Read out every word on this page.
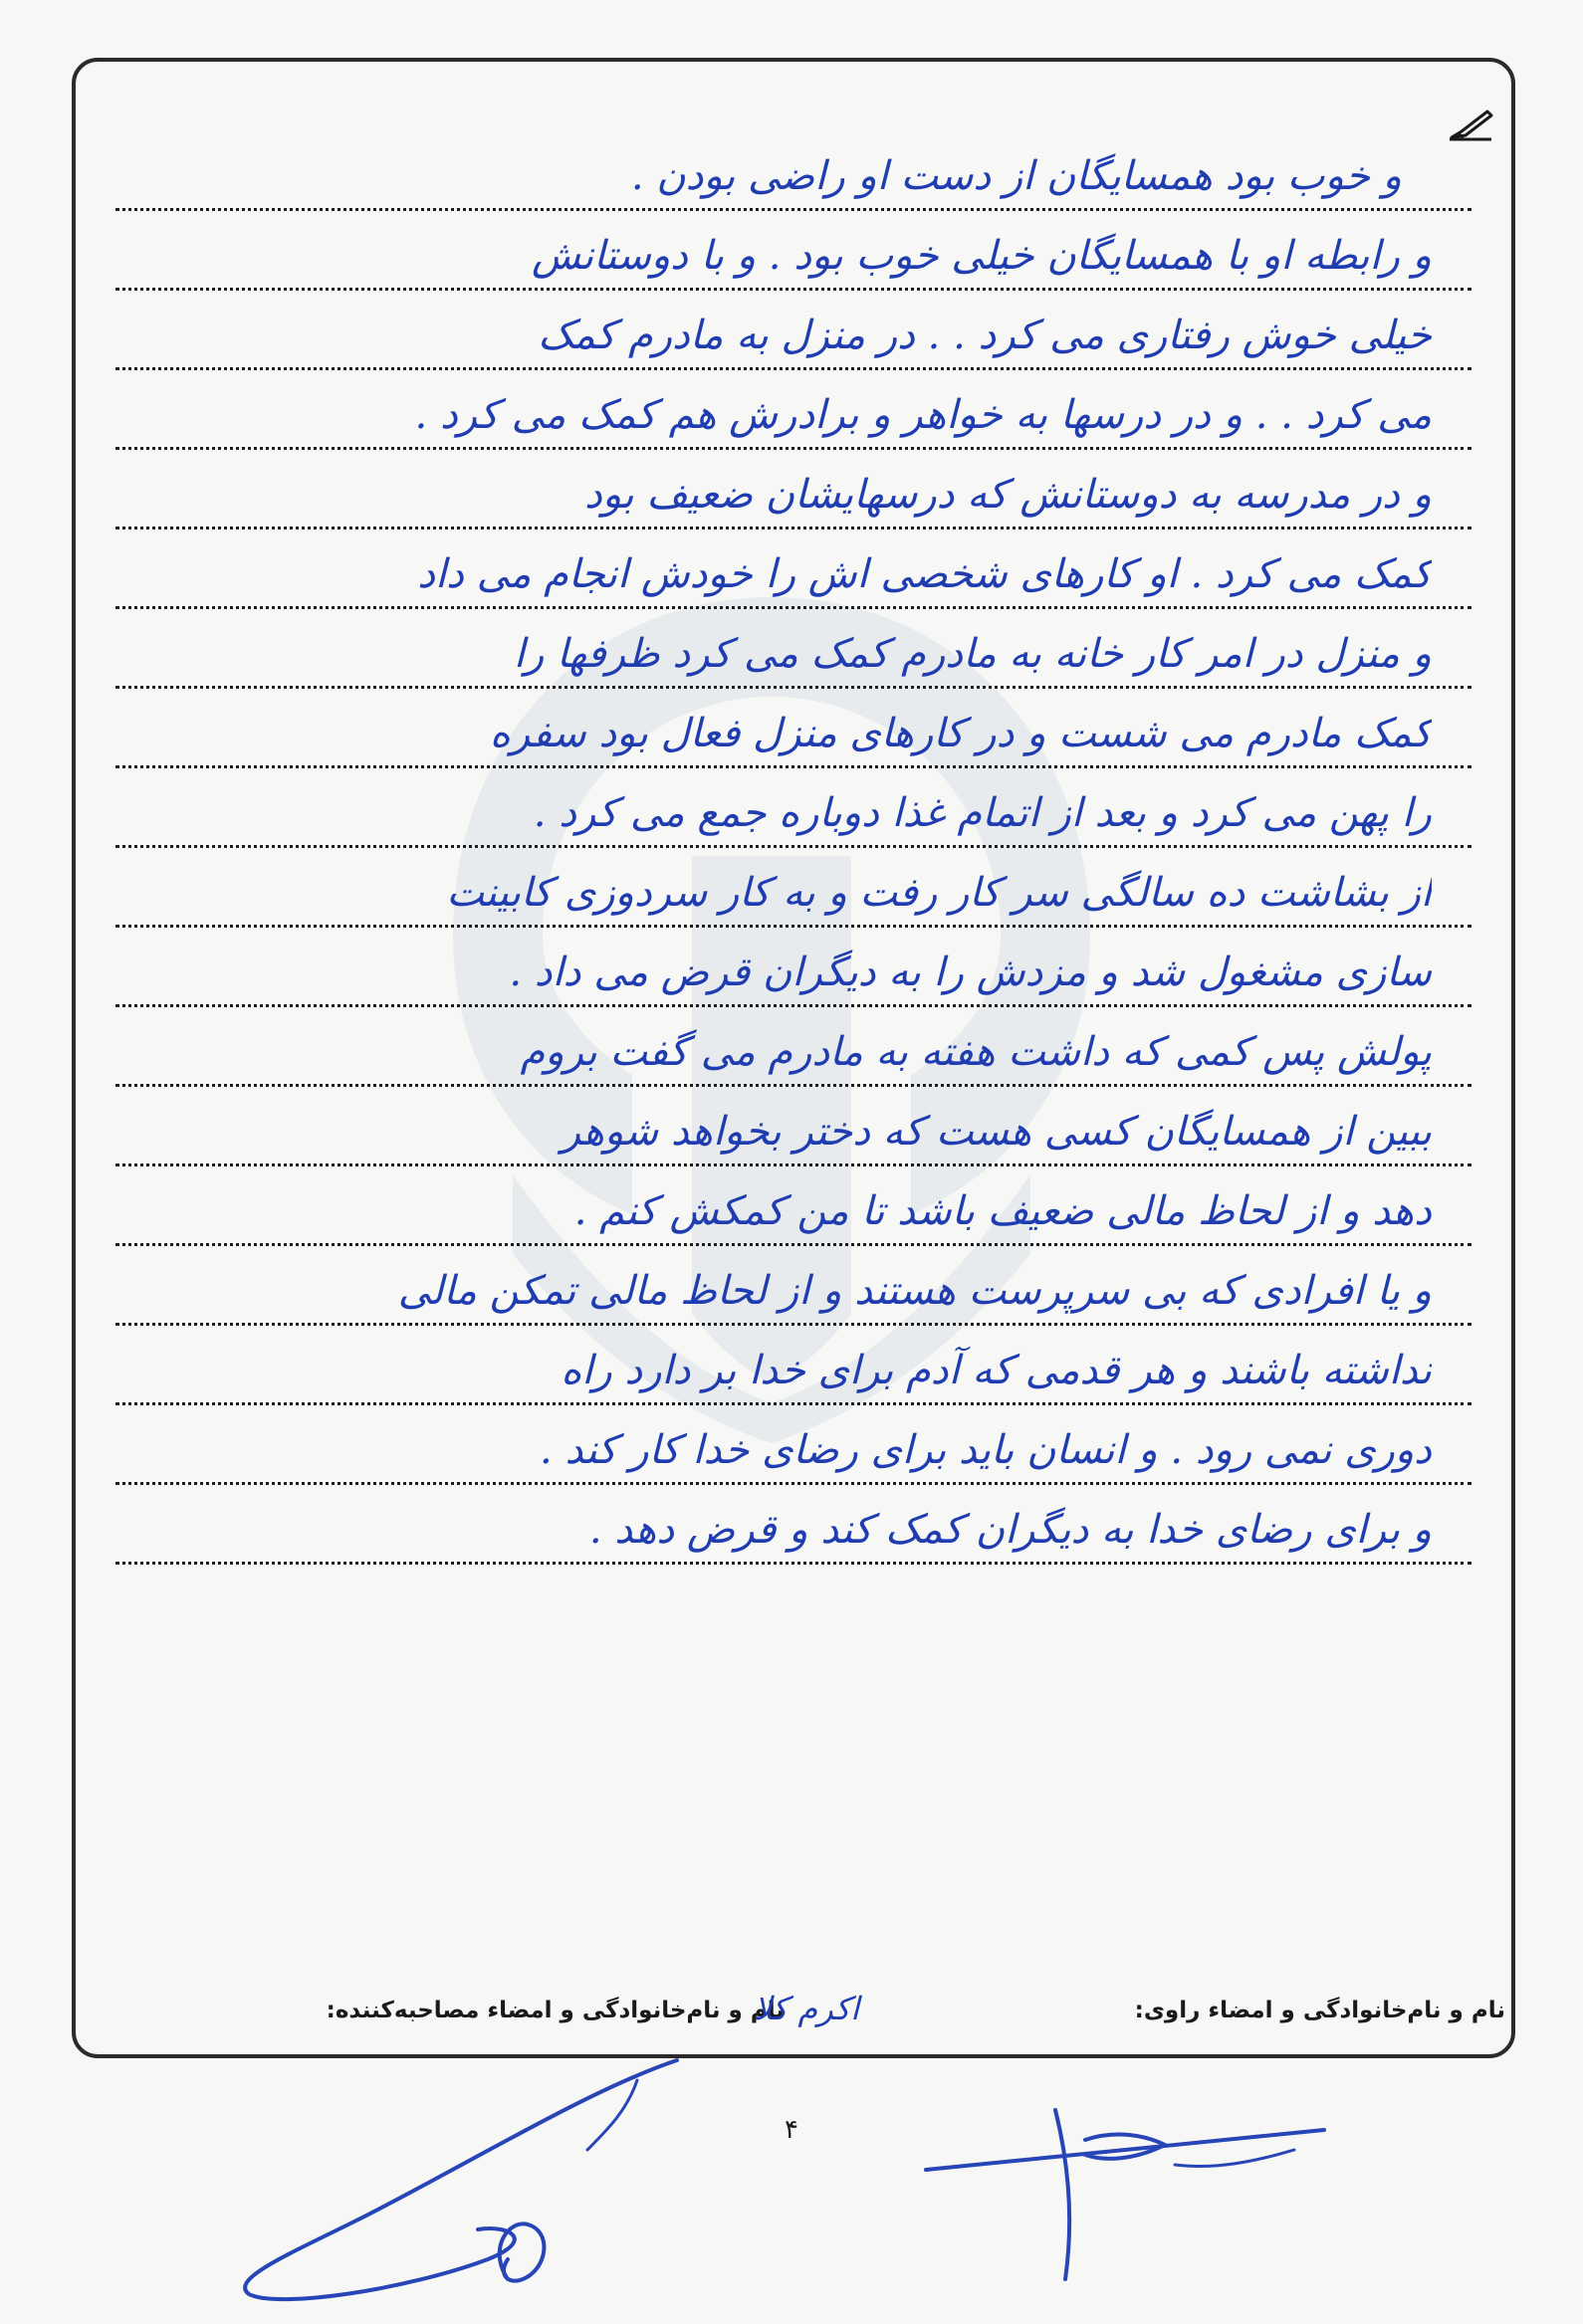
و خوب بود همسایگان از دست او راضی بودن .
و رابطه او با همسایگان خیلی خوب بود . و با دوستانش
خیلی خوش رفتاری می کرد . . در منزل به مادرم کمک
می کرد . . و در درسها به خواهر و برادرش هم کمک می کرد .
و در مدرسه به دوستانش که درسهایشان ضعیف بود
کمک می کرد . او کارهای شخصی اش را خودش انجام می داد
و منزل در امر کار خانه به مادرم کمک می کرد ظرفها را
کمک مادرم می شست و در کارهای منزل فعال بود سفره
را پهن می کرد و بعد از اتمام غذا دوباره جمع می کرد .
از بشاشت ده سالگی سر کار رفت و به کار سردوزی کابینت
سازی مشغول شد و مزدش را به دیگران قرض می داد .
پولش پس کمی که داشت هفته به مادرم می گفت بروم
ببین از همسایگان کسی هست که دختر بخواهد شوهر
دهد و از لحاظ مالی ضعیف باشد تا من کمکش کنم .
و یا افرادی که بی سرپرست هستند و از لحاظ مالی تمکن مالی
نداشته باشند و هر قدمی که آدم برای خدا بر دارد راه
دوری نمی رود . و انسان باید برای رضای خدا کار کند .
و برای رضای خدا به دیگران کمک کند و قرض دهد .
نام و نام‌خانوادگی و امضاء راوی:
نام و نام‌خانوادگی و امضاء مصاحبه‌کننده:
اکرم کلا
۴
